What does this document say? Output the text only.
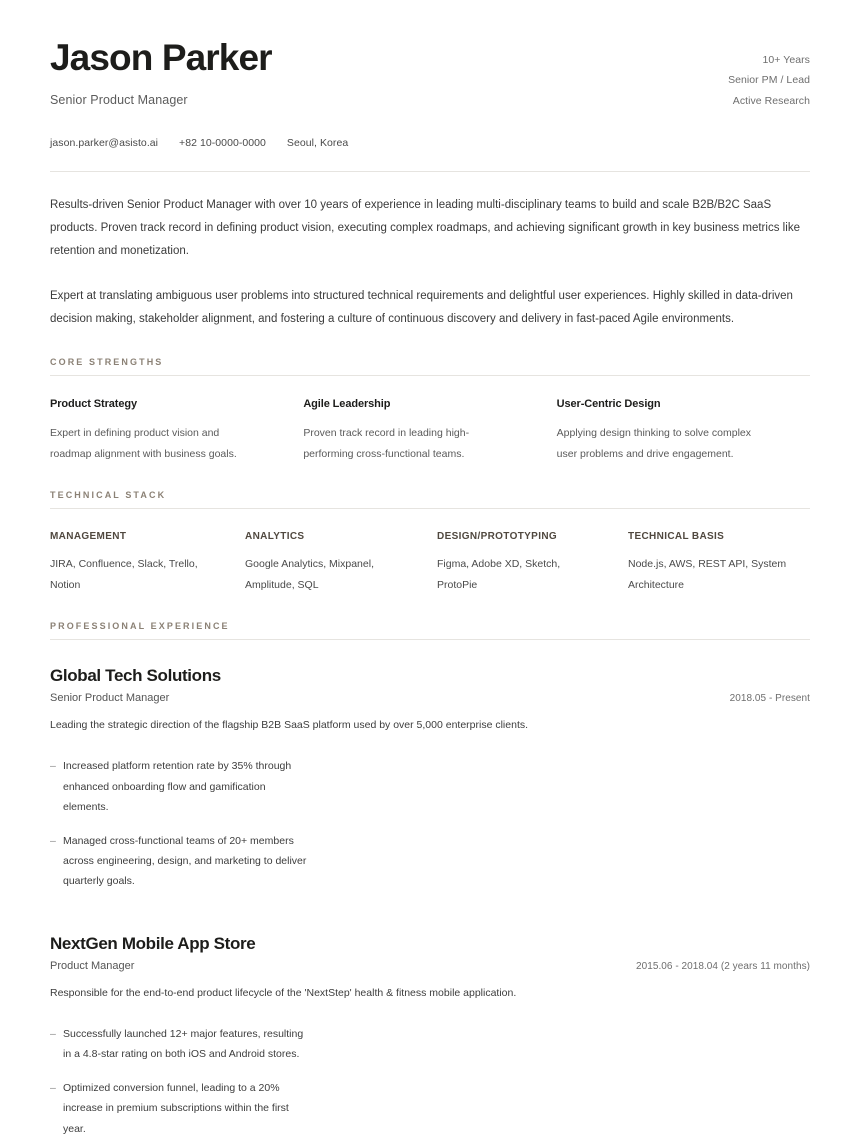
Jason Parker
Senior Product Manager
10+ Years
Senior PM / Lead
Active Research
jason.parker@asisto.ai +82 10-0000-0000 Seoul, Korea

Results-driven Senior Product Manager with over 10 years of experience in leading multi-disciplinary teams to build and scale B2B/B2C SaaS products. Proven track record in defining product vision, executing complex roadmaps, and achieving significant growth in key business metrics like retention and monetization.

Expert at translating ambiguous user problems into structured technical requirements and delightful user experiences. Highly skilled in data-driven decision making, stakeholder alignment, and fostering a culture of continuous discovery and delivery in fast-paced Agile environments.

CORE STRENGTHS
Product Strategy
Expert in defining product vision and roadmap alignment with business goals.
Agile Leadership
Proven track record in leading high-performing cross-functional teams.
User-Centric Design
Applying design thinking to solve complex user problems and drive engagement.
TECHNICAL STACK
MANAGEMENT
JIRA, Confluence, Slack, Trello, Notion
ANALYTICS
Google Analytics, Mixpanel, Amplitude, SQL
DESIGN/PROTOTYPING
Figma, Adobe XD, Sketch, ProtoPie
TECHNICAL BASIS
Node.js, AWS, REST API, System Architecture
PROFESSIONAL EXPERIENCE
Global Tech Solutions
Senior Product Manager	2018.05 - Present
Leading the strategic direction of the flagship B2B SaaS platform used by over 5,000 enterprise clients.
– Increased platform retention rate by 35% through enhanced onboarding flow and gamification elements.
– Managed cross-functional teams of 20+ members across engineering, design, and marketing to deliver quarterly goals.
NextGen Mobile App Store
Product Manager	2015.06 - 2018.04 (2 years 11 months)
Responsible for the end-to-end product lifecycle of the 'NextStep' health & fitness mobile application.
– Successfully launched 12+ major features, resulting in a 4.8-star rating on both iOS and Android stores.
– Optimized conversion funnel, leading to a 20% increase in premium subscriptions within the first year.
